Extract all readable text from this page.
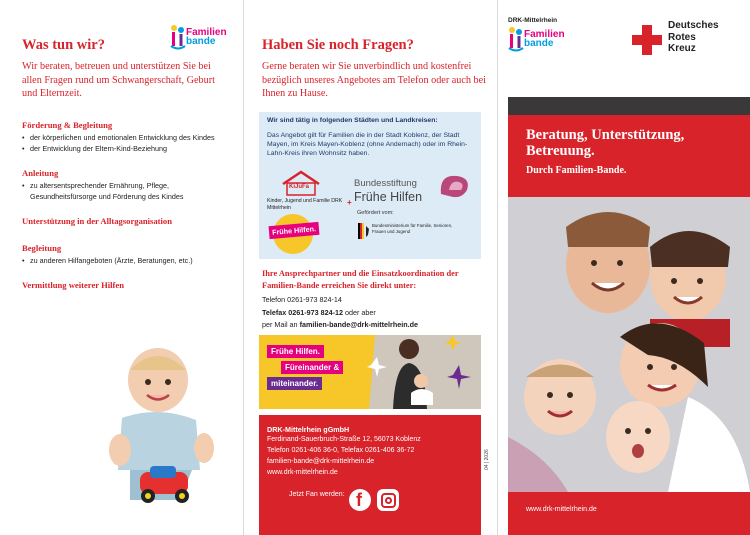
Was tun wir?
Familien
bande
Wir beraten, betreuen und unterstützen Sie bei allen Fragen rund um Schwangerschaft, Geburt und Elternzeit.
Förderung & Begleitung
• der körperlichen und emotionalen Entwicklung des Kindes
• der Entwicklung der Eltern-Kind-Beziehung
Anleitung
• zu altersentsprechender Ernährung, Pflege, Gesundheitsfürsorge und Förderung des Kindes
Unterstützung in der Alltagsorganisation
Begleitung
• zu anderen Hilfangeboten (Ärzte, Beratungen, etc.)
Vermittlung weiterer Hilfen
Haben Sie noch Fragen?
Gerne beraten wir Sie unverbindlich und kostenfrei bezüglich unseres Angebotes am Telefon oder auch bei Ihnen zu Hause.
Wir sind tätig in folgenden Städten und Landkreisen:
Das Angebot gilt für Familien die in der Stadt Koblenz, der Stadt Mayen, im Kreis Mayen-Koblenz (ohne Andernach) oder im Rhein-Lahn-Kreis ihren Wohnsitz haben.
KiJuFa
Kinder, Jugend und Familie DRK Mittelrhein
+
Frühe Hilfen.
Bundesstiftung
Frühe Hilfen
Gefördert vom:
Bundesministerium für Familie, Senioren, Frauen und Jugend
Ihre Ansprechpartner und die Einsatzkoordination der Familien-Bande erreichen Sie direkt unter:
Telefon 0261-973 824-14
Telefax 0261-973 824-12 oder aber
per Mail an familien-bande@drk-mittelrhein.de
Frühe Hilfen.
Füreinander &
miteinander.
DRK-Mittelrhein gGmbH
Ferdinand-Sauerbruch-Straße 12, 56073 Koblenz
Telefon 0261-406 36-0, Telefax 0261-406 36-72
familien-bande@drk-mittelrhein.de
www.drk-mittelrhein.de
Jetzt Fan werden: f
04 | 2026
DRK-Mittelrhein
Familien
bande
Deutsches
Rotes
Kreuz
Beratung, Unterstützung, Betreuung.
Durch Familien-Bande.
www.drk-mittelrhein.de
